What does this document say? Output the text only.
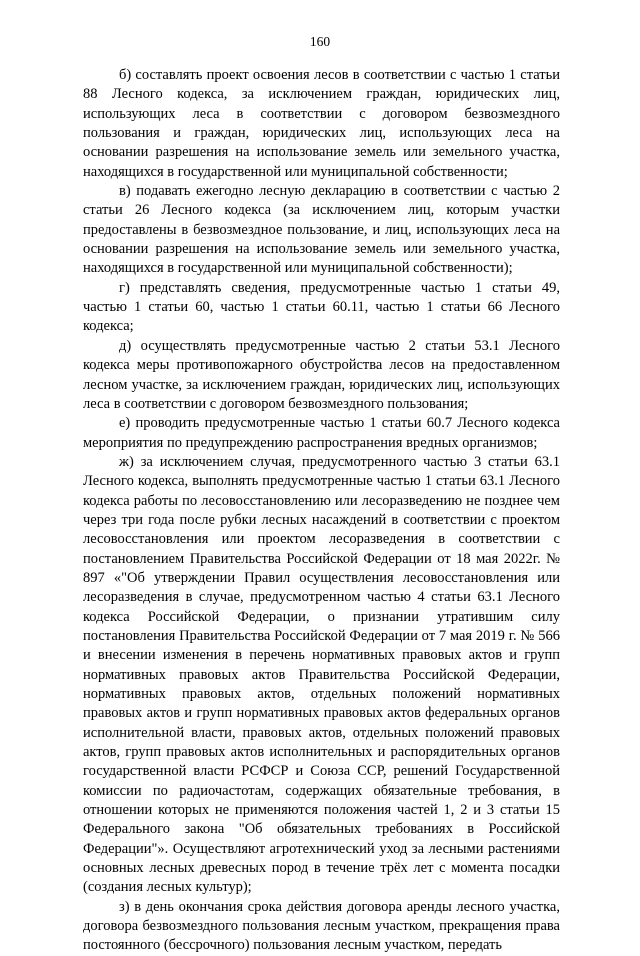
160

б) составлять проект освоения лесов в соответствии с частью 1 статьи 88 Лесного кодекса, за исключением граждан, юридических лиц, использующих леса в соответствии с договором безвозмездного пользования и граждан, юридических лиц, использующих леса на основании разрешения на использование земель или земельного участка, находящихся в государственной или муниципальной собственности;

в) подавать ежегодно лесную декларацию в соответствии с частью 2 статьи 26 Лесного кодекса (за исключением лиц, которым участки предоставлены в безвозмездное пользование, и лиц, использующих леса на основании разрешения на использование земель или земельного участка, находящихся в государственной или муниципальной собственности);

г) представлять сведения, предусмотренные частью 1 статьи 49, частью 1 статьи 60, частью 1 статьи 60.11, частью 1 статьи 66 Лесного кодекса;

д) осуществлять предусмотренные частью 2 статьи 53.1 Лесного кодекса меры противопожарного обустройства лесов на предоставленном лесном участке, за исключением граждан, юридических лиц, использующих леса в соответствии с договором безвозмездного пользования;

е) проводить предусмотренные частью 1 статьи 60.7 Лесного кодекса мероприятия по предупреждению распространения вредных организмов;

ж) за исключением случая, предусмотренного частью 3 статьи 63.1 Лесного кодекса, выполнять предусмотренные частью 1 статьи 63.1 Лесного кодекса работы по лесовосстановлению или лесоразведению не позднее чем через три года после рубки лесных насаждений в соответствии с проектом лесовосстановления или проектом лесоразведения в соответствии с постановлением Правительства Российской Федерации от 18 мая 2022г. № 897 «"Об утверждении Правил осуществления лесовосстановления или лесоразведения в случае, предусмотренном частью 4 статьи 63.1 Лесного кодекса Российской Федерации, о признании утратившим силу постановления Правительства Российской Федерации от 7 мая 2019 г. № 566 и внесении изменения в перечень нормативных правовых актов и групп нормативных правовых актов Правительства Российской Федерации, нормативных правовых актов, отдельных положений нормативных правовых актов и групп нормативных правовых актов федеральных органов исполнительной власти, правовых актов, отдельных положений правовых актов, групп правовых актов исполнительных и распорядительных органов государственной власти РСФСР и Союза ССР, решений Государственной комиссии по радиочастотам, содержащих обязательные требования, в отношении которых не применяются положения частей 1, 2 и 3 статьи 15 Федерального закона "Об обязательных требованиях в Российской Федерации"». Осуществляют агротехнический уход за лесными растениями основных лесных древесных пород в течение трёх лет с момента посадки (создания лесных культур);

з) в день окончания срока действия договора аренды лесного участка, договора безвозмездного пользования лесным участком, прекращения права постоянного (бессрочного) пользования лесным участком, передать
